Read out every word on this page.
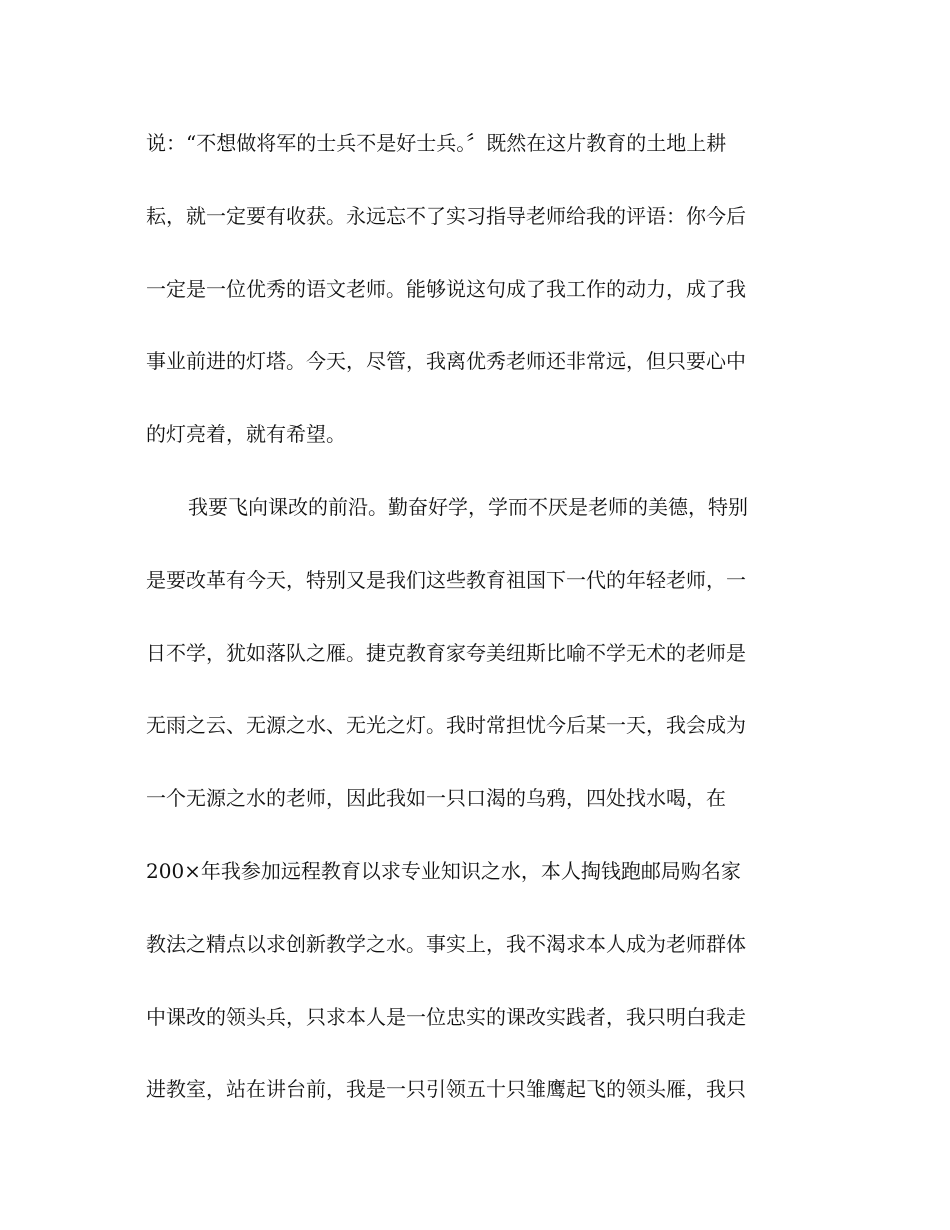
说：“不想做将军的士兵不是好士兵。〞既然在这片教育的土地上耕
耘，就一定要有收获。永远忘不了实习指导老师给我的评语：你今后
一定是一位优秀的语文老师。能够说这句成了我工作的动力，成了我
事业前进的灯塔。今天，尽管，我离优秀老师还非常远，但只要心中
的灯亮着，就有希望。
我要飞向课改的前沿。勤奋好学，学而不厌是老师的美德，特别
是要改革有今天，特别又是我们这些教育祖国下一代的年轻老师，一
日不学，犹如落队之雁。捷克教育家夸美纽斯比喻不学无术的老师是
无雨之云、无源之水、无光之灯。我时常担忧今后某一天，我会成为
一个无源之水的老师，因此我如一只口渴的乌鸦，四处找水喝，在
200×年我参加远程教育以求专业知识之水，本人掏钱跑邮局购名家
教法之精点以求创新教学之水。事实上，我不渴求本人成为老师群体
中课改的领头兵，只求本人是一位忠实的课改实践者，我只明白我走
进教室，站在讲台前，我是一只引领五十只雏鹰起飞的领头雁，我只
